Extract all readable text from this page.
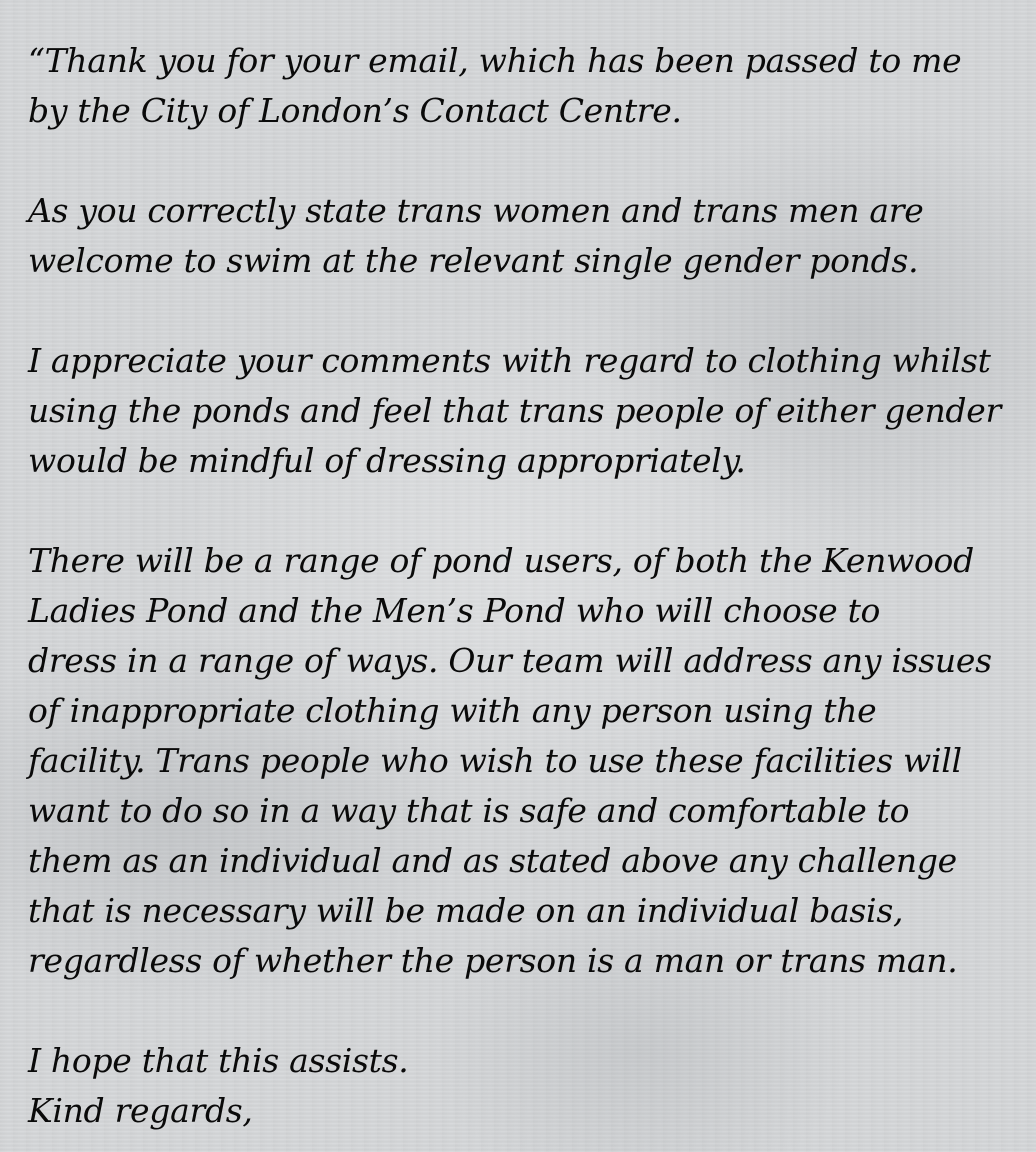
“Thank you for your email, which has been passed to me
by the City of London’s Contact Centre.

As you correctly state trans women and trans men are
welcome to swim at the relevant single gender ponds.

I appreciate your comments with regard to clothing whilst
using the ponds and feel that trans people of either gender
would be mindful of dressing appropriately.

There will be a range of pond users, of both the Kenwood
Ladies Pond and the Men’s Pond who will choose to
dress in a range of ways. Our team will address any issues
of inappropriate clothing with any person using the
facility. Trans people who wish to use these facilities will
want to do so in a way that is safe and comfortable to
them as an individual and as stated above any challenge
that is necessary will be made on an individual basis,
regardless of whether the person is a man or trans man.

I hope that this assists.
Kind regards,
